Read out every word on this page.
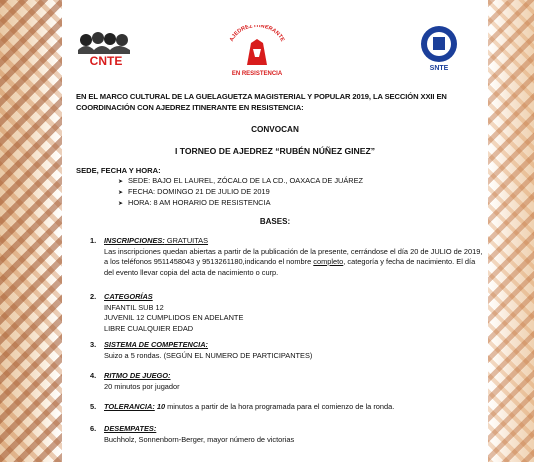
CNTE
AJEDREZ ITINERANTE
EN RESISTENCIA
SNTE
EN EL MARCO CULTURAL DE LA GUELAGUETZA MAGISTERIAL Y POPULAR 2019, LA SECCIÓN XXII EN COORDINACIÓN CON AJEDREZ ITINERANTE EN RESISTENCIA:
CONVOCAN
I TORNEO DE AJEDREZ “RUBÉN NÚÑEZ GINEZ”
SEDE, FECHA Y HORA:
➤ SEDE: BAJO EL LAUREL, ZÓCALO DE LA CD., OAXACA DE JUÁREZ
➤ FECHA: DOMINGO 21 DE JULIO DE 2019
➤ HORA: 8 AM HORARIO DE RESISTENCIA
BASES:
1. INSCRIPCIONES: GRATUITAS
Las inscripciones quedan abiertas a partir de la publicación de la presente, cerrándose el día 20 de JULIO de 2019, a los teléfonos 9511458043 y 9513261180,indicando el nombre completo, categoría y fecha de nacimiento. El día del evento llevar copia del acta de nacimiento o curp.
2. CATEGORÍAS
INFANTIL SUB 12
JUVENIL 12 CUMPLIDOS EN ADELANTE
LIBRE CUALQUIER EDAD
3. SISTEMA DE COMPETENCIA:
Suizo a 5 rondas. (SEGÚN EL NUMERO DE PARTICIPANTES)
4. RITMO DE JUEGO:
20 minutos por jugador
5. TOLERANCIA: 10 minutos a partir de la hora programada para el comienzo de la ronda.
6. DESEMPATES:
Buchholz, Sonnenborn-Berger, mayor número de victorias
